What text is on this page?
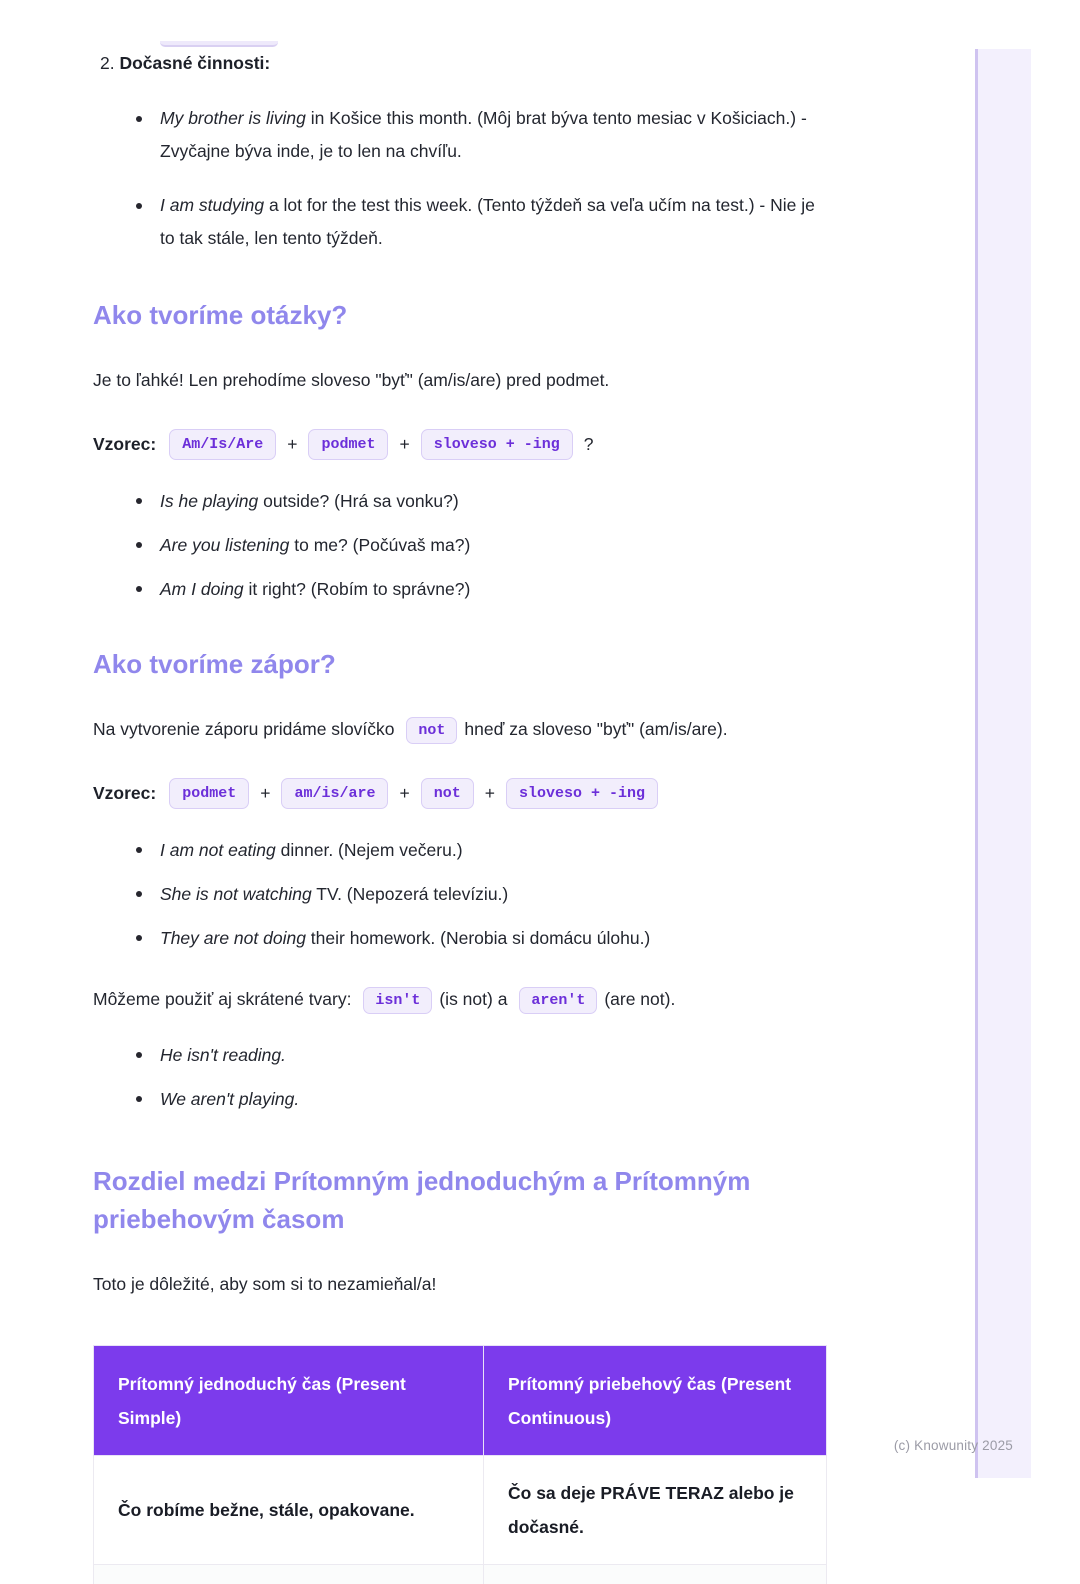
(c) Knowunity 2025
2. Dočasné činnosti:
My brother is living in Košice this month. (Môj brat býva tento mesiac v Košiciach.) - Zvyčajne býva inde, je to len na chvíľu.
I am studying a lot for the test this week. (Tento týždeň sa veľa učím na test.) - Nie je to tak stále, len tento týždeň.
Ako tvoríme otázky?

Je to ľahké! Len prehodíme sloveso "byť" (am/is/are) pred podmet.

Vzorec:	Am/Is/Are	+	podmet	+	sloveso + -ing	?
Is he playing outside? (Hrá sa vonku?)
Are you listening to me? (Počúvaš ma?)
Am I doing it right? (Robím to správne?)
Ako tvoríme zápor?

Na vytvorenie záporu pridáme slovíčko not hneď za sloveso "byť" (am/is/are).

Vzorec:	podmet	+	am/is/are	+	not	+	sloveso + -ing
I am not eating dinner. (Nejem večeru.)
She is not watching TV. (Nepozerá televíziu.)
They are not doing their homework. (Nerobia si domácu úlohu.)

Môžeme použiť aj skrátené tvary: isn't (is not) a aren't (are not).

He isn't reading.
We aren't playing.
Rozdiel medzi Prítomným jednoduchým a Prítomným priebehovým časom

Toto je dôležité, aby som si to nezamieňal/a!

Prítomný jednoduchý čas (Present Simple)	Prítomný priebehový čas (Present Continuous)
Čo robíme bežne, stále, opakovane.	Čo sa deje PRÁVE TERAZ alebo je dočasné.
